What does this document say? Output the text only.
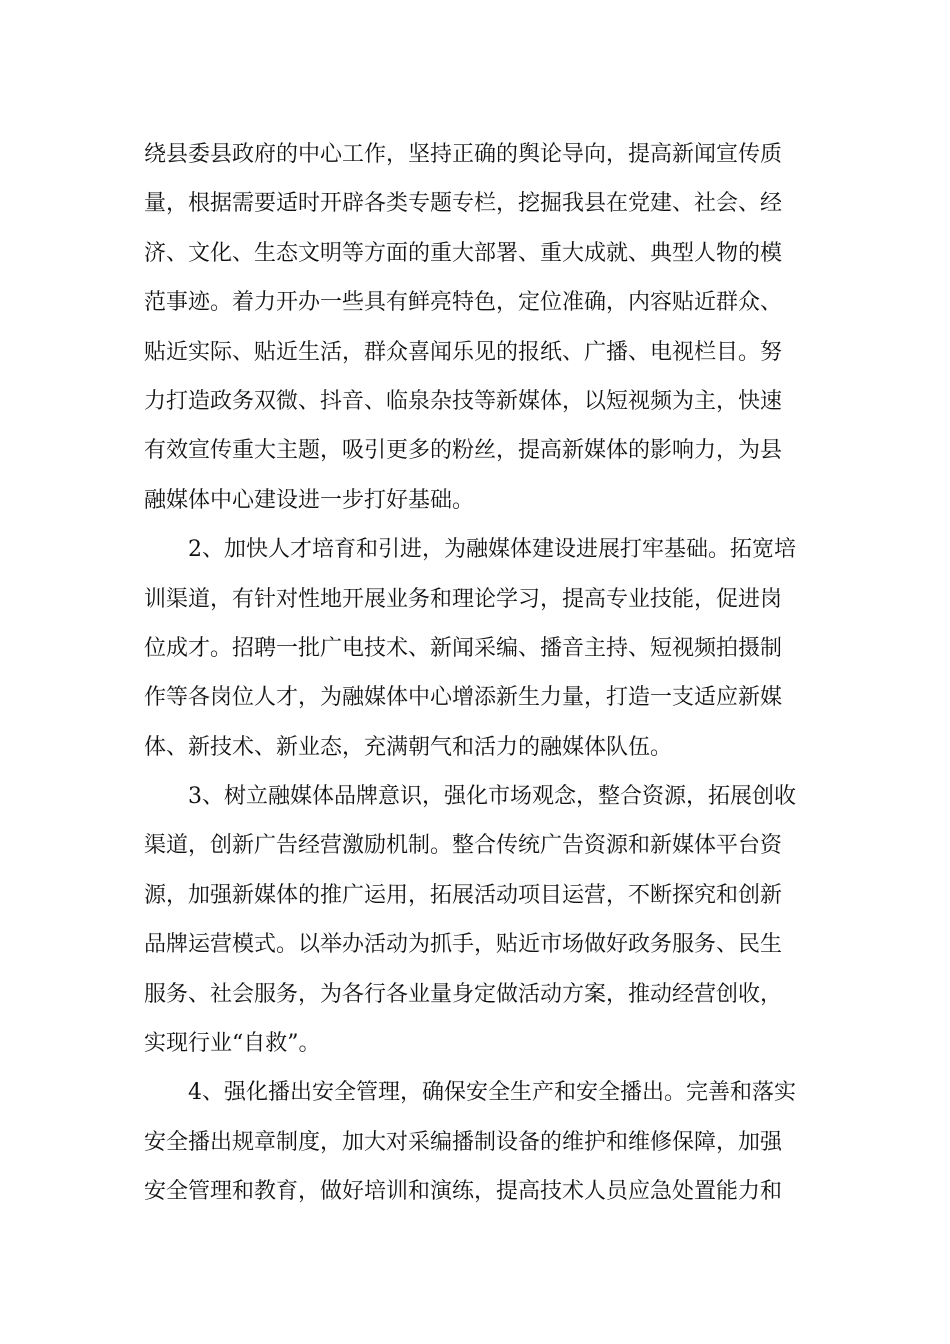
绕县委县政府的中心工作，坚持正确的舆论导向，提高新闻宣传质
量，根据需要适时开辟各类专题专栏，挖掘我县在党建、社会、经
济、文化、生态文明等方面的重大部署、重大成就、典型人物的模
范事迹。着力开办一些具有鲜亮特色，定位准确，内容贴近群众、
贴近实际、贴近生活，群众喜闻乐见的报纸、广播、电视栏目。努
力打造政务双微、抖音、临泉杂技等新媒体，以短视频为主，快速
有效宣传重大主题，吸引更多的粉丝，提高新媒体的影响力，为县
融媒体中心建设进一步打好基础。
2、加快人才培育和引进，为融媒体建设进展打牢基础。拓宽培
训渠道，有针对性地开展业务和理论学习，提高专业技能，促进岗
位成才。招聘一批广电技术、新闻采编、播音主持、短视频拍摄制
作等各岗位人才，为融媒体中心增添新生力量，打造一支适应新媒
体、新技术、新业态，充满朝气和活力的融媒体队伍。
3、树立融媒体品牌意识，强化市场观念，整合资源，拓展创收
渠道，创新广告经营激励机制。整合传统广告资源和新媒体平台资
源，加强新媒体的推广运用，拓展活动项目运营，不断探究和创新
品牌运营模式。以举办活动为抓手，贴近市场做好政务服务、民生
服务、社会服务，为各行各业量身定做活动方案，推动经营创收，
实现行业“自救”。
4、强化播出安全管理，确保安全生产和安全播出。完善和落实
安全播出规章制度，加大对采编播制设备的维护和维修保障，加强
安全管理和教育，做好培训和演练，提高技术人员应急处置能力和
